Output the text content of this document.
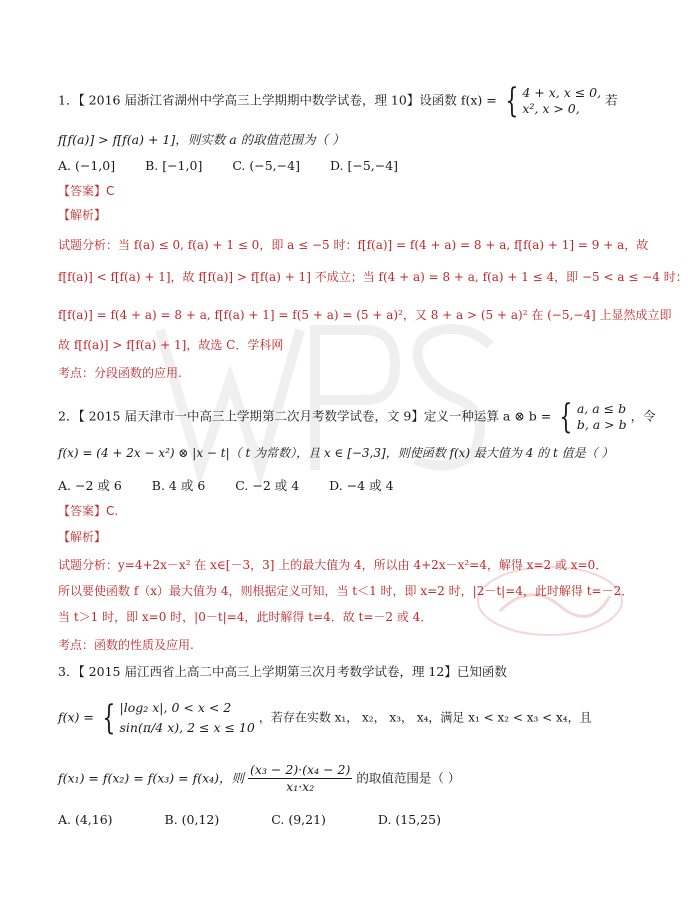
1．【 2016 届浙江省湖州中学高三上学期期中数学试卷，理 10】设函数 f(x) = { 4 + x, x ≤ 0,
x², x > 0,
若
f[f(a)] > f[f(a) + 1]，则实数 a 的取值范围为（ ）
A. (−1,0] B. [−1,0] C. (−5,−4] D. [−5,−4]
【答案】C
【解析】
试题分析：当 f(a) ≤ 0, f(a) + 1 ≤ 0，即 a ≤ −5 时：f[f(a)] = f(4 + a) = 8 + a, f[f(a) + 1] = 9 + a，故
f[f(a)] < f[f(a) + 1]，故 f[f(a)] > f[f(a) + 1] 不成立；当 f(4 + a) = 8 + a, f(a) + 1 ≤ 4，即 −5 < a ≤ −4 时：
f[f(a)] = f(4 + a) = 8 + a, f[f(a) + 1] = f(5 + a) = (5 + a)²，又 8 + a > (5 + a)² 在 (−5,−4] 上显然成立即
故 f[f(a)] > f[f(a) + 1]，故选 C．学科网
考点：分段函数的应用.
2．【 2015 届天津市一中高三上学期第二次月考数学试卷，文 9】定义一种运算 a ⊗ b = { a, a ≤ b
b, a > b
，令
f(x) = (4 + 2x − x²) ⊗ |x − t|（ t 为常数），且 x ∈ [−3,3]，则使函数 f(x) 最大值为 4 的 t 值是（ ）
A. −2 或 6 B. 4 或 6 C. −2 或 4 D. −4 或 4
【答案】C.
【解析】
试题分析：y=4+2x－x² 在 x∈[－3，3] 上的最大值为 4，所以由 4+2x－x²=4，解得 x=2 或 x=0．
所以要使函数 f（x）最大值为 4，则根据定义可知，当 t＜1 时，即 x=2 时，|2－t|=4，此时解得 t=－2．
当 t＞1 时，即 x=0 时，|0－t|=4，此时解得 t=4．故 t=－2 或 4．
考点：函数的性质及应用.
3．【 2015 届江西省上高二中高三上学期第三次月考数学试卷，理 12】已知函数
f(x) = { |log₂ x|, 0 < x < 2
sin(π/4 x), 2 ≤ x ≤ 10
，若存在实数 x₁， x₂， x₃， x₄，满足 x₁ < x₂ < x₃ < x₄，且
f(x₁) = f(x₂) = f(x₃) = f(x₄)，则 $\frac{\text{(x₃ − 2)·(x₄ − 2)}}{\text{x₁·x₂}}$ 的取值范围是（ ）
A. (4,16)	B. (0,12)	C. (9,21)	D. (15,25)
